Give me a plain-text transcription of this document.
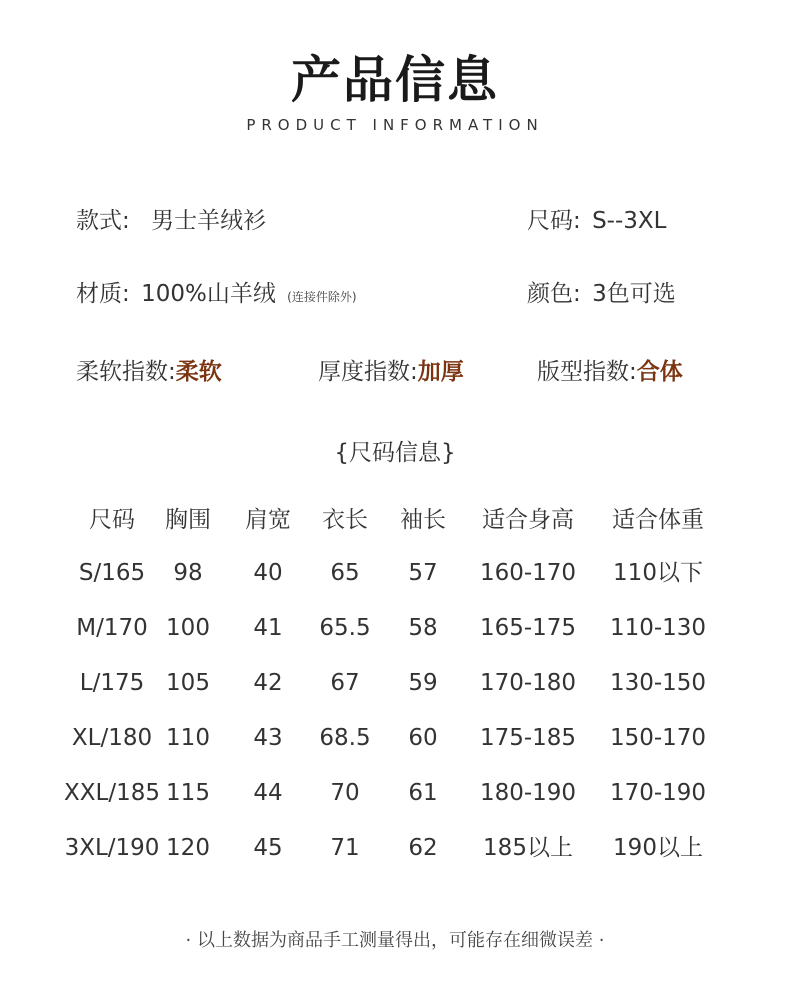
产品信息
PRODUCT INFORMATION
款式: 男士羊绒衫	尺码: S--3XL
材质: 100%山羊绒 (连接件除外)	颜色: 3色可选
柔软指数:柔软	厚度指数:加厚	版型指数:合体
{尺码信息}
尺码 胸围 肩宽 衣长 袖长 适合身高 适合体重
S/165 98 40 65 57 160-170 110以下
M/170 100 41 65.5 58 165-175 110-130
L/175 105 42 67 59 170-180 130-150
XL/180 110 43 68.5 60 175-185 150-170
XXL/185 115 44 70 61 180-190 170-190
3XL/190 120 45 71 62 185以上 190以上
· 以上数据为商品手工测量得出，可能存在细微误差 ·
